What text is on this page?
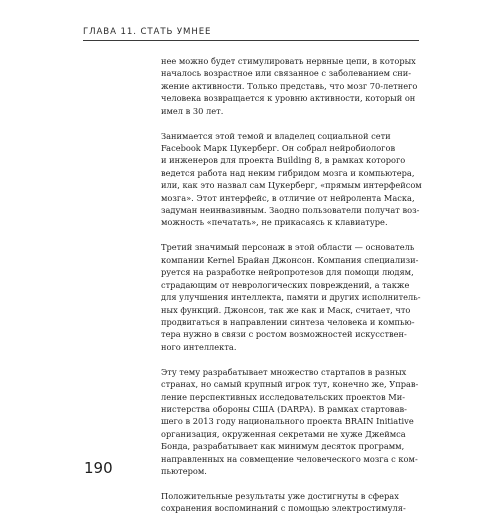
ГЛАВА 11. СТАТЬ УМНЕЕ

нее можно будет стимулировать нервные цепи, в которых
началось возрастное или связанное с заболеванием сни-
жение активности. Только представь, что мозг 70-летнего
человека возвращается к уровню активности, который он
имел в 30 лет.

Занимается этой темой и владелец социальной сети
Facebook Марк Цукерберг. Он собрал нейробиологов
и инженеров для проекта Building 8, в рамках которого
ведется работа над неким гибридом мозга и компьютера,
или, как это назвал сам Цукерберг, «прямым интерфейсом
мозга». Этот интерфейс, в отличие от нейролента Маска,
задуман неинвазивным. Заодно пользователи получат воз-
можность «печатать», не прикасаясь к клавиатуре.

Третий значимый персонаж в этой области — основатель
компании Kernel Брайан Джонсон. Компания специализи-
руется на разработке нейропротезов для помощи людям,
страдающим от неврологических повреждений, а также
для улучшения интеллекта, памяти и других исполнитель-
ных функций. Джонсон, так же как и Маск, считает, что
продвигаться в направлении синтеза человека и компью-
тера нужно в связи с ростом возможностей искусствен-
ного интеллекта.

Эту тему разрабатывает множество стартапов в разных
странах, но самый крупный игрок тут, конечно же, Управ-
ление перспективных исследовательских проектов Ми-
нистерства обороны США (DARPA). В рамках стартовав-
шего в 2013 году национального проекта BRAIN Initiative
организация, окруженная секретами не хуже Джеймса
Бонда, разрабатывает как минимум десяток программ,
направленных на совмещение человеческого мозга с ком-
пьютером.

Положительные результаты уже достигнуты в сферах
сохранения воспоминаний с помощью электростимуля-

190
